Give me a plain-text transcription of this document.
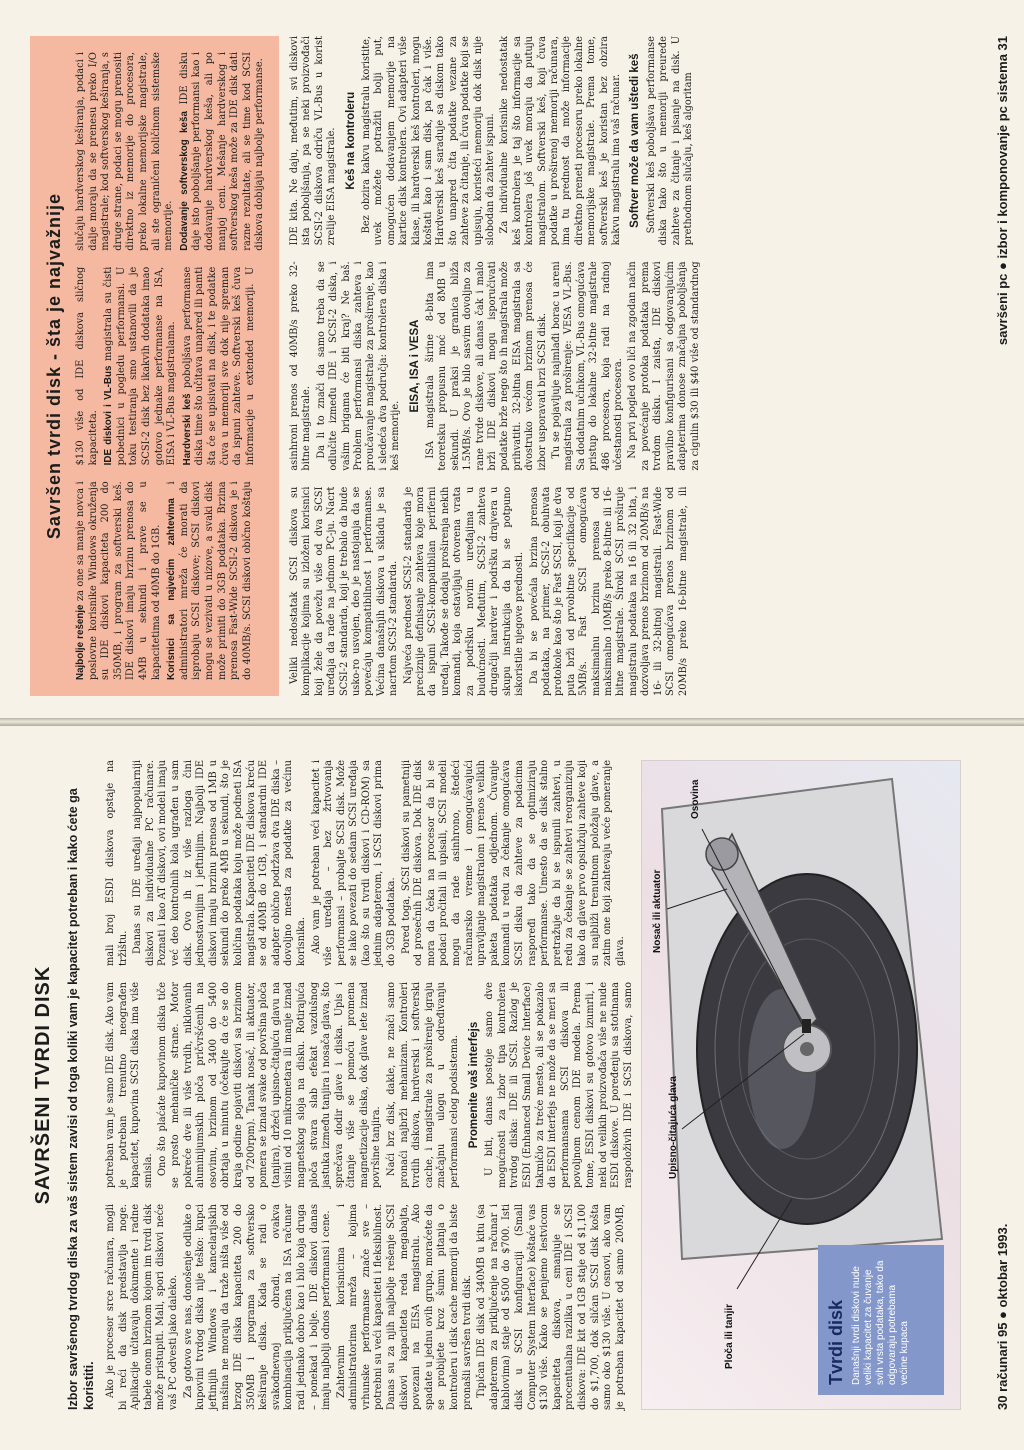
SAVRŠENI TVRDI DISK Izbor savršenog tvrdog diska za vaš sistem zavisi od toga koliki vam je kapacitet potreban i kako ćete ga koristiti. Ako je procesor srce računara, mogli bi reći da disk predstavlja noge. Aplikacije učitavaju dokumente i radne tabele onom brzinom kojom im tvrdi disk može pristupiti. Mali, spori diskovi neće vaš PC odvesti jako daleko. Za gotovo sve nas, donošenje odluke o kupovini tvrdog diska nije teško: kupci jeftinijih Windows i kancelarijskih mašina ne moraju da traže ništa više od brzog IDE diska kapaciteta 200 do 350MB i programa za softversko keširanje diska. Kada se radi o svakodnevnoj obradi, ovakva kombinacija priključena na ISA računar radi jednako dobro kao i bilo koja druga – ponekad i bolje. IDE diskovi danas imaju najbolji odnos performansi i cene. Zahtevnim korisnicima i administratorima mreža – kojima vrhunske performanse znače sve – potrebni su veći kapaciteti i fleksibilnost. Danas su za njih najbolje rešenje SCSI diskovi kapaciteta reda megabajta, povezani na EISA magistralu. Ako spadate u jednu ovih grupa, moraćete da se probijete kroz šumu pitanja o kontroleru i disk cache memoriji da biste pronašli savršen tvrdi disk. Tipičan IDE disk od 340MB u kitu (sa adapterom za priključenje na računar i kablovima) staje od $500 do $700. Isti disk u SCSI konfiguraciji (Small Computer System Interface) koštaće vas $130 više. Kako se penjemo lestvicom kapaciteta diskova, smanjuje se procentualna razlika u ceni IDE i SCSI diskova: IDE kit od 1GB staje od $1,100 do $1,700, dok sličan SCSI disk košta samo oko $130 više. U osnovi, ako vam je potreban kapacitet od samo 200MB, potreban vam je samo IDE disk. Ako vam je potreban trenutno neograđen kapacitet, kupovina SCSI diska ima više smisla. Ono što plaćate kupovinom diska tiče se prosto mehaničke strane. Motor pokreće dve ili više tvrdih, niklovanih aluminijumskih ploča pričvršćenih na osovinu, brzinom od 3400 do 5400 obrtaja u minutu (očekujte da će se do kraja godine pojaviti diskovi sa brzinom od 7200rpm). Tanak nosač, ili aktuator, pomera se iznad svake od površina ploča (tanjira), držeći upisno-čitajuću glavu na visini od 10 mikrometara ili manje iznad magnetskog sloja na disku. Rotirajuća ploča stvara slab efekat vazdušnog jastuka između tanjira i nosača glava, što sprečava dodir glave i diska. Upis i čitanje više se pomoću promena magnetizacije diska, dok glave lete iznad površine tanjira. Naći brz disk, dakle, ne znači samo pronaći najbrži mehanizam. Kontroleri tvrdih diskova, hardverski i softverski cache, i magistrale za proširenje igraju značajnu ulogu u određivanju performansi celog podsistema. Promenite vaš interfejs U biti, danas postoje samo dve mogućnosti za izbor tipa kontrolera tvrdog diska: IDE ili SCSI. Razlog je ESDI (Enhanced Small Device Interface) takmičio za treće mesto, ali se pokazalo da ESDI interfejs ne može da se meri sa performansama SCSI diskova ili povoljnom cenom IDE modela. Prema tome, ESDI diskovi su gotovo izumrli, i neki od velikih proizvođača više ne nude ESDI diskove. U poređenju sa stotinama raspoloživih IDE i SCSI diskova, samo mali broj ESDI diskova opstaje na tržištu. Danas su IDE uređaji najpopularniji diskovi za individualne PC računare. Poznati i kao AT diskovi, ovi modeli imaju već deo kontrolnih kola ugrađen u sam disk. Ovo ih iz više razloga čini jednostavnijim i jeftinijim. Najbolji IDE diskovi imaju brzinu prenosa od 1MB u sekundi do preko 4MB u sekundi, što je količina podataka koju može podneti ISA magistrala. Kapaciteti IDE diskova kreću se od 40MB do 1GB, i standardni IDE adapter obično podržava dva IDE diska – dovoljno mesta za podatke za većinu korisnika. Ako vam je potreban veći kapacitet i više uređaja – bez žrtvovanja performansi – probajte SCSI disk. Može se lako povezati do sedam SCSI uređaja (kao što su tvrdi diskovi i CD-ROM) sa jednim adapterom, i SCSI diskovi prima do 3GB podataka. Pored toga, SCSI diskovi su pametniji od prosečnih IDE diskova. Dok IDE disk mora da čeka na procesor da bi se podaci pročitali ili upisali, SCSI modeli mogu da rade asinhrono, štedeći računarsko vreme i omogućavajući upravljanje magistralom i prenos velikih paketa podataka odjednom. Čuvanje komandi u redu za čekanje omogućava SCSI disku da zahteve za podacima raspoređi tako da se optimiziraju performanse. Umesto da se disk stalno pretražuje da bi se ispunili zahtevi, u redu za čekanje se zahtevi reorganizuju tako da glave prvo opslužuju zahteve koji su najbliži trenutnom položaju glave, a zatim one koji zahtevaju veće pomeranje glava.

Upisno-čitajuća glava
Nosač ili aktuator
Ploča ili tanjir
Osovina
Tvrdi disk Današnji tvrdi diskovi nude veliki kapacitet za čuvanje svih vrsta podataka, tako da odgovaraju potrebama većine kupaca	30 računari 95 ● oktobar 1993.
Savršen tvrdi disk - šta je najvažnije

Najbolje rešenje za one sa manje novca i poslovne korisnike Windows okruženja su IDE diskovi kapaciteta 200 do 350MB, i program za softverski keš. IDE diskovi imaju brzinu prenosa do 4MB u sekundi i prave se u kapacitetima od 40MB do 1GB. Korisnici sa najvećim zahtevima i administratori mreža će morati da isprobaju SCSI diskove; SCSI diskovi mogu se vezivati u nizove, a svaki disk može primiti do 3GB podataka. Brzina prenosa Fast-Wide SCSI-2 diskova je i do 40MB/s. SCSI diskovi obično koštaju $130 više od IDE diskova sličnog kapaciteta. IDE diskovi i VL-Bus magistrala su čisti pobednici u pogledu performansi. U toku testiranja smo ustanovili da je SCSI-2 disk bez ikakvih dodataka imao gotovo jednake performanse na ISA, EISA i VL-Bus magistralama. Hardverski keš poboljšava performanse diska time što učitava unapred ili pamti šta će se upisivati na disk, i te podatke čuva u memoriji sve dok nije spreman da ispuni zahteve. Softverski keš čuva informacije u extended memoriji. U slučaju hardverskog keširanja, podaci i dalje moraju da se prenesu preko I/O magistrale; kod softverskog keširanja, s druge strane, podaci se mogu prenositi direktno iz memorije do procesora, preko lokalne memorijske magistrale, ali ste ograničeni količinom sistemske memorije. Dodavanje softverskog keša IDE disku daje isto poboljšanje performansi kao i dodavanje hardverskog keša, ali po manjoj ceni. Mešanje hardverskog i softverskog keša može za IDE disk dati razne rezultate, ali se time kod SCSI diskova dobijaju najbolje performanse.

Veliki nedostatak SCSI diskova su komplikacije kojima su izloženi korisnici koji žele da povežu više od dva SCSI uređaja da rade na jednom PC-ju. Nacrt SCSI-2 standarda, koji je trebalo da bude usko-ro usvojen, deo je nastojanja da se povećaju kompatibilnost i performanse. Većina današnjih diskova u skladu je sa nacrtom SCSI-2 standarda. Najveća prednost SCSI-2 standarda je preciznije definisanje zahteva koje mora da ispuni SCSI-kompatibilan periferni uređaj. Takođe se dodaju proširenja nekih komandi, koja ostavljaju otvorena vrata za podršku novim uređajima u budućnosti. Međutim, SCSI-2 zahteva drugačiji hardver i podršku drajvera u skupu instrukcija da bi se potpuno iskoristile njegove prednosti. Da bi se povećala brzina prenosa podataka, na primer, SCSI-2 obuhvata protokole kao što je Fast SCSI, koji je dva puta brži od prvobitne specifikacije od 5MB/s. Fast SCSI omogućava maksimalnu brzinu prenosa od maksimalno 10MB/s preko 8-bitne ili 16-bitne magistrale. Široki SCSI proširuje magistralu podataka na 16 ili 32 bita, i dozvoljava prenos brzinom od 20MB/s na 16- ili 32-bitnoj magistrali. Fast-Wide SCSI omogućava prenos brzinom od 20MB/s preko 16-bitne magistrale, ili asinhroni prenos od 40MB/s preko 32-bitne magistrale. Da li to znači da samo treba da se odlučite između IDE i SCSI-2 diska, i vašim brigama će biti kraj? Ne baš. Problem performansi diska zahteva i proučavanje magistrale za proširenje, kao i sledeća dva područja: kontrolera diska i keš memorije.

EISA, ISA i VESA ISA magistrala širine 8-bita ima teoretsku propusnu moć od 8MB u sekundi. U praksi je granica bliža 1.5MB/s. Ovo je bilo sasvim dovoljno za rane tvrde diskove, ali danas čak i malo brži IDE diskovi mogu isporučivati podatke brže nego što ih magistrala može prihvatiti. 32-bitna EISA magistrala sa dvostruko većom brzinom prenosa će izbor usporavati brzi SCSI disk. Tu se pojavljuje najmlađi borac u areni magistrala za proširenje: VESA VL-Bus. Sa dodatnim učinkom, VL-Bus omogućava pristup do lokalne 32-bitne magistrale 486 procesora, koja radi na radnoj učestanosti procesora. Na prvi pogled ovo liči na zgodan način za povećanje protoka podataka prema tvrdom disku. I zaista, IDE diskovi pravilno konfigurisani sa odgovarajućim adapterima donose značajna poboljšanja za cigulin $30 ili $40 više od standardnog IDE kita. Ne daju, međutim, svi diskovi ista poboljšanja, pa se neki proizvođači SCSI-2 diskova odriču VL-Bus u korist zrelije EISA magistrale. Keš na kontroleru Bez obzira kakvu magistralu koristite, uvek možete potražiti bolji put, omogućen dodavanjem memorije na kartice disk kontrolera. Ovi adapteri više klase, ili hardverski keš kontroleri, mogu koštati kao i sam disk, pa čak i više. Hardverski keš saraduje sa diskom tako što unapred čita podatke vezane za zahteve za čitanje, ili čuva podatke koji se upisuju, koristeći memoriju dok disk nije slobodan da zahtev ispuni. Za individualne korisnike nedostatak keš kontrolera je taj što informacije sa kontrolera još uvek moraju da putuju magistralom. Softverski keš, koji čuva podatke u proširenoj memoriji računara, ima tu prednost da može informacije direktno preneti procesoru preko lokalne memorijske magistrale. Prema tome, softverski keš je koristan bez obzira kakvu magistralu ima vaš računar. Softver može da vam uštedi keš Softverski keš poboljšava performanse diska tako što u memoriji preuređe zahteve za čitanje i pisanje na disk. U prethodnom slučaju, keš algoritam	savršeni pc ● izbor i komponovanje pc sistema 31
